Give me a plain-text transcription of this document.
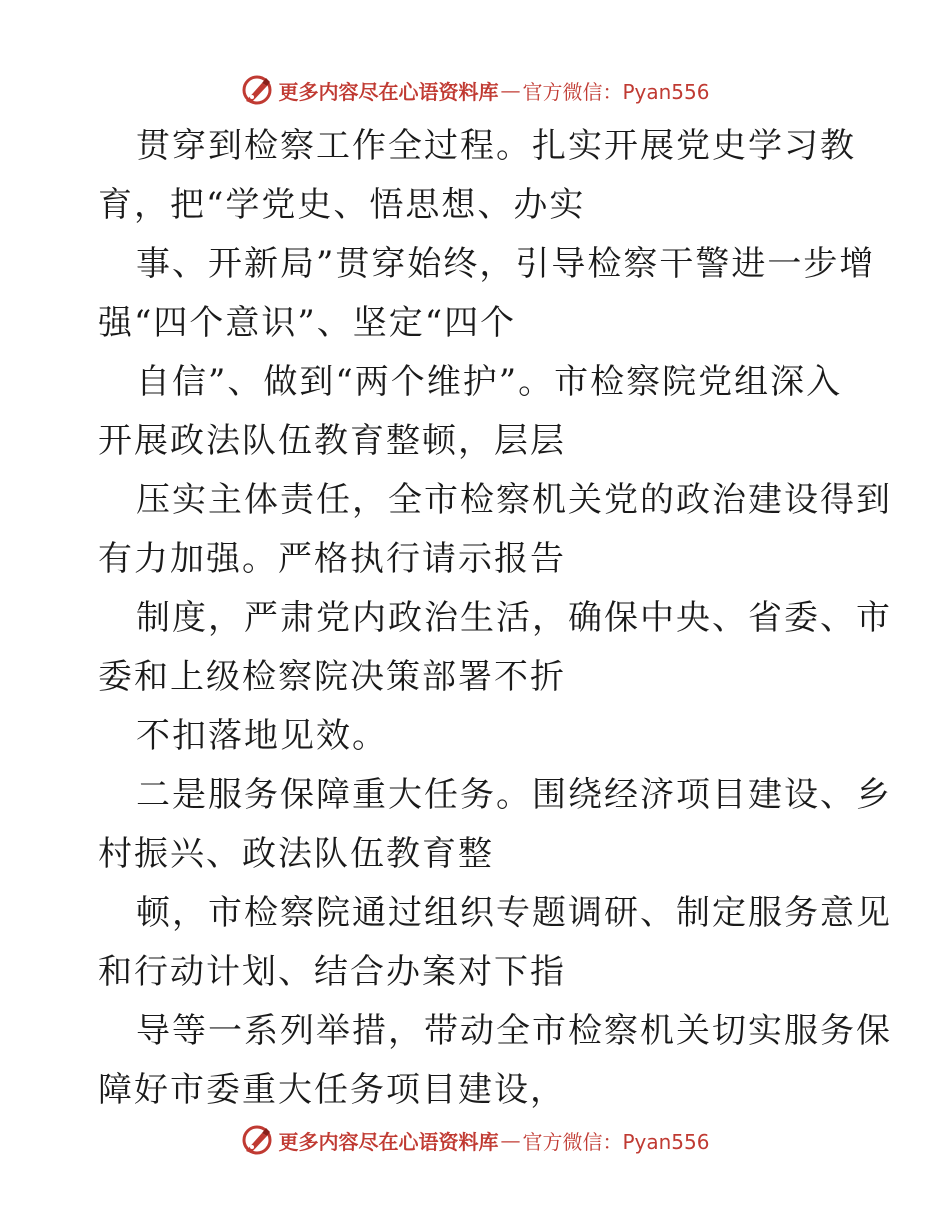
更多内容尽在心语资料库 — 官方微信：Pyan556
贯穿到检察工作全过程。扎实开展党史学习教
育，把“学党史、悟思想、办实
事、开新局”贯穿始终，引导检察干警进一步增
强“四个意识”、坚定“四个
自信”、做到“两个维护”。市检察院党组深入
开展政法队伍教育整顿，层层
压实主体责任，全市检察机关党的政治建设得到
有力加强。严格执行请示报告
制度，严肃党内政治生活，确保中央、省委、市
委和上级检察院决策部署不折
不扣落地见效。
二是服务保障重大任务。围绕经济项目建设、乡
村振兴、政法队伍教育整
顿，市检察院通过组织专题调研、制定服务意见
和行动计划、结合办案对下指
导等一系列举措，带动全市检察机关切实服务保
障好市委重大任务项目建设，
更多内容尽在心语资料库 — 官方微信：Pyan556
